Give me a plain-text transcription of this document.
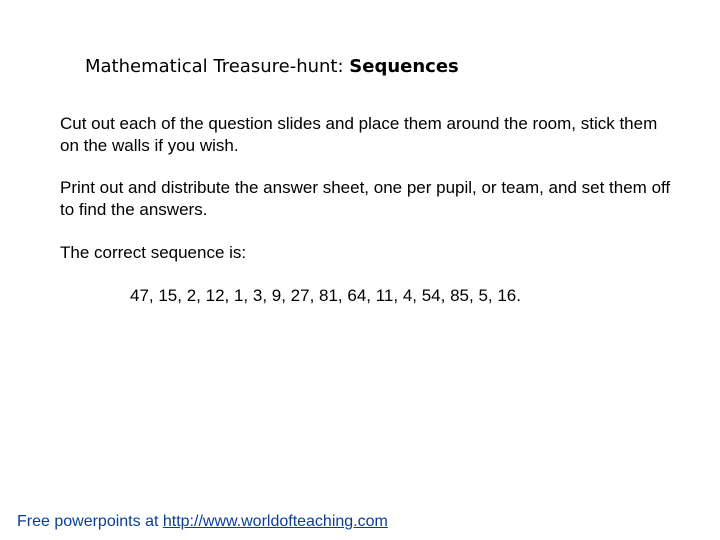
Mathematical Treasure-hunt: Sequences
Cut out each of the question slides and place them around the room, stick them on the walls if you wish.
Print out and distribute the answer sheet, one per pupil, or team, and set them off to find the answers.
The correct sequence is:
47, 15, 2, 12, 1, 3, 9, 27, 81, 64, 11, 4, 54, 85, 5, 16.
Free powerpoints at http://www.worldofteaching.com
